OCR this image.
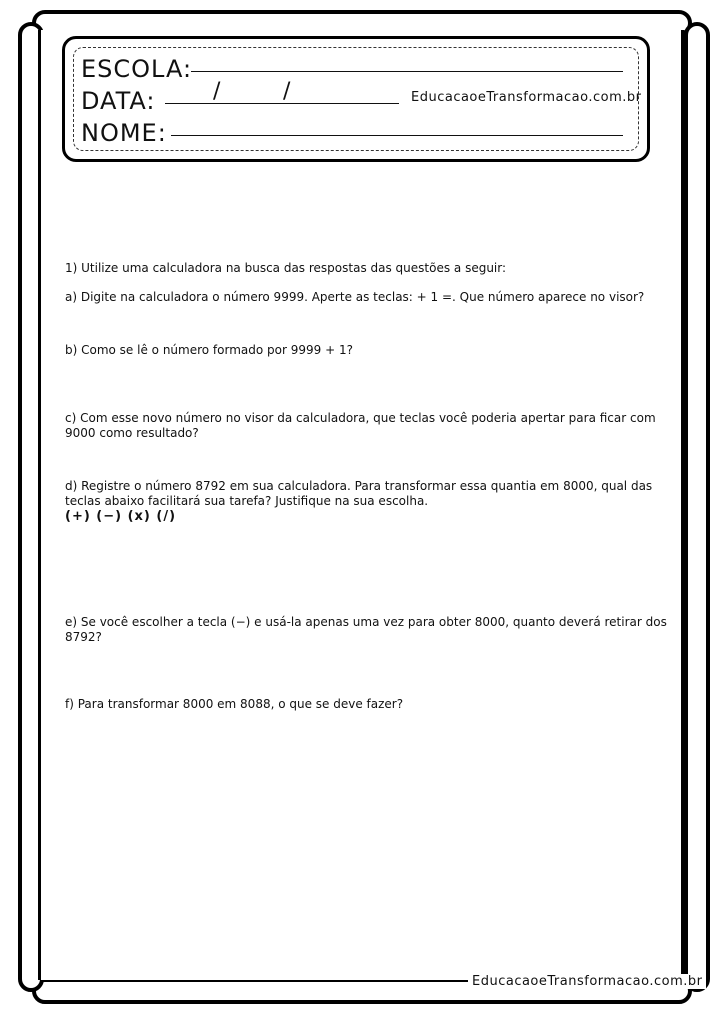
ESCOLA:
DATA:	/	/	EducacaoeTransformacao.com.br
NOME:
1) Utilize uma calculadora na busca das respostas das questões a seguir:
a) Digite na calculadora o número 9999. Aperte as teclas: + 1 =. Que número aparece no visor?
b) Como se lê o número formado por 9999 + 1?
c) Com esse novo número no visor da calculadora, que teclas você poderia apertar para ficar com
9000 como resultado?
d) Registre o número 8792 em sua calculadora. Para transformar essa quantia em 8000, qual das
teclas abaixo facilitará sua tarefa? Justifique na sua escolha.
(+) (−) (x) (/)
e) Se você escolher a tecla (−) e usá-la apenas uma vez para obter 8000, quanto deverá retirar dos
8792?
f) Para transformar 8000 em 8088, o que se deve fazer?
EducacaoeTransformacao.com.br
